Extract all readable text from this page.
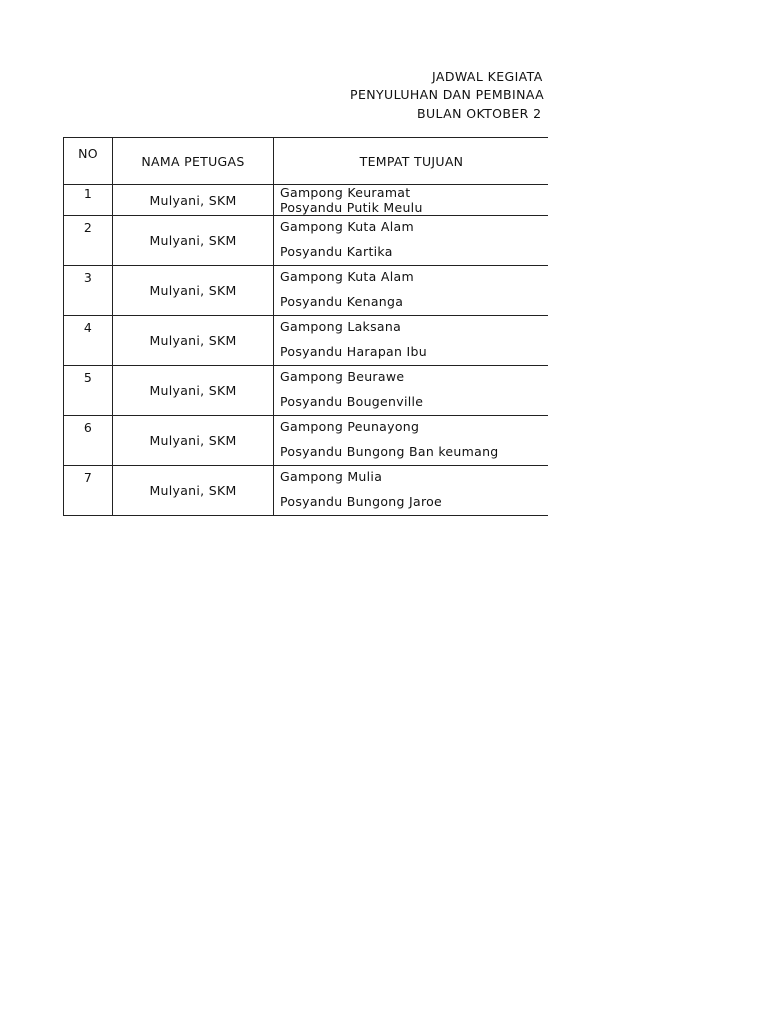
JADWAL KEGIATA
PENYULUHAN DAN PEMBINAA
BULAN OKTOBER 2
NO	NAMA PETUGAS	TEMPAT TUJUAN
1	Mulyani, SKM	Gampong Keuramat
Posyandu Putik Meulu

2	Mulyani, SKM	Gampong Kuta Alam
Posyandu Kartika

3	Mulyani, SKM	Gampong Kuta Alam
Posyandu Kenanga

4	Mulyani, SKM	Gampong Laksana
Posyandu Harapan Ibu

5	Mulyani, SKM	Gampong Beurawe
Posyandu Bougenville

6	Mulyani, SKM	Gampong Peunayong
Posyandu Bungong Ban keumang

7	Mulyani, SKM	Gampong Mulia
Posyandu Bungong Jaroe
